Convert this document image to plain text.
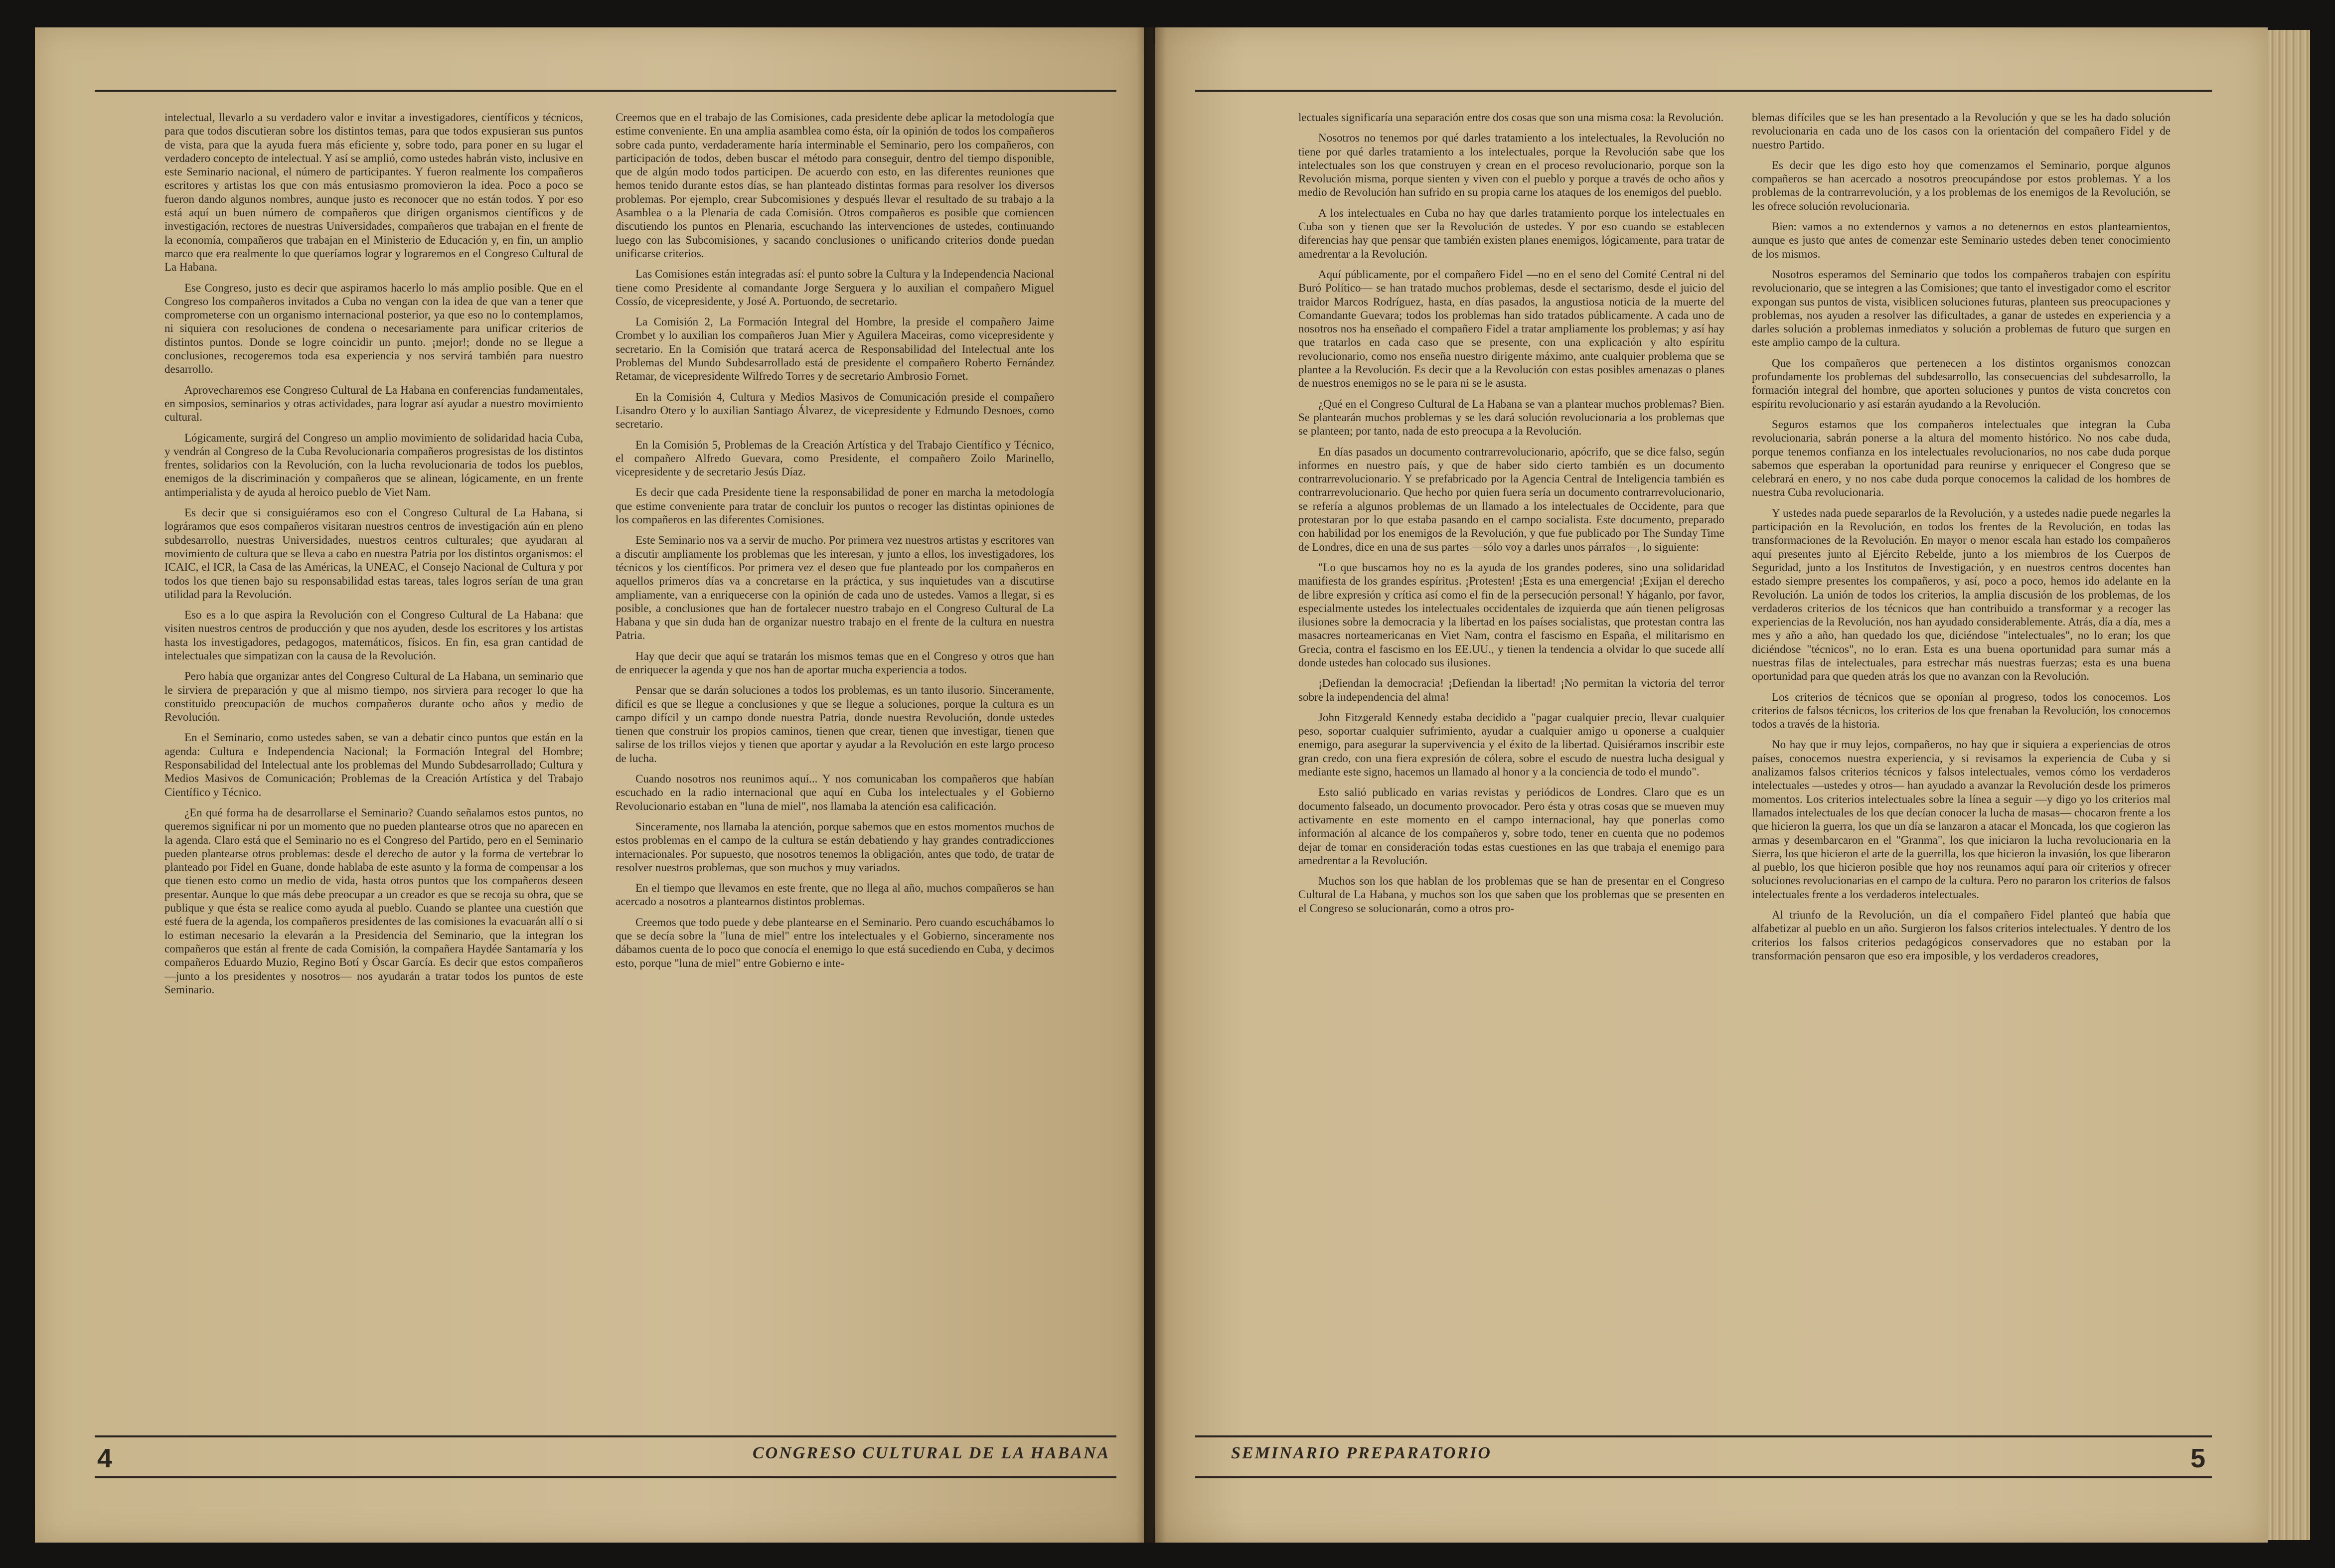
intelectual, llevarlo a su verdadero valor e invitar a investigadores, científicos y técnicos, para que todos discutieran sobre los distintos temas, para que todos expusieran sus puntos de vista, para que la ayuda fuera más eficiente y, sobre todo, para poner en su lugar el verdadero concepto de intelectual. Y así se amplió, como ustedes habrán visto, inclusive en este Seminario nacional, el número de participantes. Y fueron realmente los compañeros escritores y artistas los que con más entusiasmo promovieron la idea. Poco a poco se fueron dando algunos nombres, aunque justo es reconocer que no están todos. Y por eso está aquí un buen número de compañeros que dirigen organismos científicos y de investigación, rectores de nuestras Universidades, compañeros que trabajan en el frente de la economía, compañeros que trabajan en el Ministerio de Educación y, en fin, un amplio marco que era realmente lo que queríamos lograr y lograremos en el Congreso Cultural de La Habana.

Ese Congreso, justo es decir que aspiramos hacerlo lo más amplio posible. Que en el Congreso los compañeros invitados a Cuba no vengan con la idea de que van a tener que comprometerse con un organismo internacional posterior, ya que eso no lo contemplamos, ni siquiera con resoluciones de condena o necesariamente para unificar criterios de distintos puntos. Donde se logre coincidir un punto. ¡mejor!; donde no se llegue a conclusiones, recogeremos toda esa experiencia y nos servirá también para nuestro desarrollo.

Aprovecharemos ese Congreso Cultural de La Habana en conferencias fundamentales, en simposios, seminarios y otras actividades, para lograr así ayudar a nuestro movimiento cultural.

Lógicamente, surgirá del Congreso un amplio movimiento de solidaridad hacia Cuba, y vendrán al Congreso de la Cuba Revolucionaria compañeros progresistas de los distintos frentes, solidarios con la Revolución, con la lucha revolucionaria de todos los pueblos, enemigos de la discriminación y compañeros que se alinean, lógicamente, en un frente antimperialista y de ayuda al heroico pueblo de Viet Nam.

Es decir que si consiguiéramos eso con el Congreso Cultural de La Habana, si lográramos que esos compañeros visitaran nuestros centros de investigación aún en pleno subdesarrollo, nuestras Universidades, nuestros centros culturales; que ayudaran al movimiento de cultura que se lleva a cabo en nuestra Patria por los distintos organismos: el ICAIC, el ICR, la Casa de las Américas, la UNEAC, el Consejo Nacional de Cultura y por todos los que tienen bajo su responsabilidad estas tareas, tales logros serían de una gran utilidad para la Revolución.

Eso es a lo que aspira la Revolución con el Congreso Cultural de La Habana: que visiten nuestros centros de producción y que nos ayuden, desde los escritores y los artistas hasta los investigadores, pedagogos, matemáticos, físicos. En fin, esa gran cantidad de intelectuales que simpatizan con la causa de la Revolución.

Pero había que organizar antes del Congreso Cultural de La Habana, un seminario que le sirviera de preparación y que al mismo tiempo, nos sirviera para recoger lo que ha constituido preocupación de muchos compañeros durante ocho años y medio de Revolución.

En el Seminario, como ustedes saben, se van a debatir cinco puntos que están en la agenda: Cultura e Independencia Nacional; la Formación Integral del Hombre; Responsabilidad del Intelectual ante los problemas del Mundo Subdesarrollado; Cultura y Medios Masivos de Comunicación; Problemas de la Creación Artística y del Trabajo Científico y Técnico.

¿En qué forma ha de desarrollarse el Seminario? Cuando señalamos estos puntos, no queremos significar ni por un momento que no pueden plantearse otros que no aparecen en la agenda. Claro está que el Seminario no es el Congreso del Partido, pero en el Seminario pueden plantearse otros problemas: desde el derecho de autor y la forma de vertebrar lo planteado por Fidel en Guane, donde hablaba de este asunto y la forma de compensar a los que tienen esto como un medio de vida, hasta otros puntos que los compañeros deseen presentar. Aunque lo que más debe preocupar a un creador es que se recoja su obra, que se publique y que ésta se realice como ayuda al pueblo. Cuando se plantee una cuestión que esté fuera de la agenda, los compañeros presidentes de las comisiones la evacuarán allí o si lo estiman necesario la elevarán a la Presidencia del Seminario, que la integran los compañeros que están al frente de cada Comisión, la compañera Haydée Santamaría y los compañeros Eduardo Muzio, Regino Botí y Óscar García. Es decir que estos compañeros —junto a los presidentes y nosotros— nos ayudarán a tratar todos los puntos de este Seminario.

Creemos que en el trabajo de las Comisiones, cada presidente debe aplicar la metodología que estime conveniente. En una amplia asamblea como ésta, oír la opinión de todos los compañeros sobre cada punto, verdaderamente haría interminable el Seminario, pero los compañeros, con participación de todos, deben buscar el método para conseguir, dentro del tiempo disponible, que de algún modo todos participen. De acuerdo con esto, en las diferentes reuniones que hemos tenido durante estos días, se han planteado distintas formas para resolver los diversos problemas. Por ejemplo, crear Subcomisiones y después llevar el resultado de su trabajo a la Asamblea o a la Plenaria de cada Comisión. Otros compañeros es posible que comiencen discutiendo los puntos en Plenaria, escuchando las intervenciones de ustedes, continuando luego con las Subcomisiones, y sacando conclusiones o unificando criterios donde puedan unificarse criterios.

Las Comisiones están integradas así: el punto sobre la Cultura y la Independencia Nacional tiene como Presidente al comandante Jorge Serguera y lo auxilian el compañero Miguel Cossío, de vicepresidente, y José A. Portuondo, de secretario.

La Comisión 2, La Formación Integral del Hombre, la preside el compañero Jaime Crombet y lo auxilian los compañeros Juan Mier y Aguilera Maceiras, como vicepresidente y secretario. En la Comisión que tratará acerca de Responsabilidad del Intelectual ante los Problemas del Mundo Subdesarrollado está de presidente el compañero Roberto Fernández Retamar, de vicepresidente Wilfredo Torres y de secretario Ambrosio Fornet.

En la Comisión 4, Cultura y Medios Masivos de Comunicación preside el compañero Lisandro Otero y lo auxilian Santiago Álvarez, de vicepresidente y Edmundo Desnoes, como secretario.

En la Comisión 5, Problemas de la Creación Artística y del Trabajo Científico y Técnico, el compañero Alfredo Guevara, como Presidente, el compañero Zoilo Marinello, vicepresidente y de secretario Jesús Díaz.

Es decir que cada Presidente tiene la responsabilidad de poner en marcha la metodología que estime conveniente para tratar de concluir los puntos o recoger las distintas opiniones de los compañeros en las diferentes Comisiones.

Este Seminario nos va a servir de mucho. Por primera vez nuestros artistas y escritores van a discutir ampliamente los problemas que les interesan, y junto a ellos, los investigadores, los técnicos y los científicos. Por primera vez el deseo que fue planteado por los compañeros en aquellos primeros días va a concretarse en la práctica, y sus inquietudes van a discutirse ampliamente, van a enriquecerse con la opinión de cada uno de ustedes. Vamos a llegar, si es posible, a conclusiones que han de fortalecer nuestro trabajo en el Congreso Cultural de La Habana y que sin duda han de organizar nuestro trabajo en el frente de la cultura en nuestra Patria.

Hay que decir que aquí se tratarán los mismos temas que en el Congreso y otros que han de enriquecer la agenda y que nos han de aportar mucha experiencia a todos.

Pensar que se darán soluciones a todos los problemas, es un tanto ilusorio. Sinceramente, difícil es que se llegue a conclusiones y que se llegue a soluciones, porque la cultura es un campo difícil y un campo donde nuestra Patria, donde nuestra Revolución, donde ustedes tienen que construir los propios caminos, tienen que crear, tienen que investigar, tienen que salirse de los trillos viejos y tienen que aportar y ayudar a la Revolución en este largo proceso de lucha.

Cuando nosotros nos reunimos aquí... Y nos comunicaban los compañeros que habían escuchado en la radio internacional que aquí en Cuba los intelectuales y el Gobierno Revolucionario estaban en "luna de miel", nos llamaba la atención esa calificación.

Sinceramente, nos llamaba la atención, porque sabemos que en estos momentos muchos de estos problemas en el campo de la cultura se están debatiendo y hay grandes contradicciones internacionales. Por supuesto, que nosotros tenemos la obligación, antes que todo, de tratar de resolver nuestros problemas, que son muchos y muy variados.

En el tiempo que llevamos en este frente, que no llega al año, muchos compañeros se han acercado a nosotros a plantearnos distintos problemas.

Creemos que todo puede y debe plantearse en el Seminario. Pero cuando escuchábamos lo que se decía sobre la "luna de miel" entre los intelectuales y el Gobierno, sinceramente nos dábamos cuenta de lo poco que conocía el enemigo lo que está sucediendo en Cuba, y decimos esto, porque "luna de miel" entre Gobierno e inte-

lectuales significaría una separación entre dos cosas que son una misma cosa: la Revolución.

Nosotros no tenemos por qué darles tratamiento a los intelectuales, la Revolución no tiene por qué darles tratamiento a los intelectuales, porque la Revolución sabe que los intelectuales son los que construyen y crean en el proceso revolucionario, porque son la Revolución misma, porque sienten y viven con el pueblo y porque a través de ocho años y medio de Revolución han sufrido en su propia carne los ataques de los enemigos del pueblo.

A los intelectuales en Cuba no hay que darles tratamiento porque los intelectuales en Cuba son y tienen que ser la Revolución de ustedes. Y por eso cuando se establecen diferencias hay que pensar que también existen planes enemigos, lógicamente, para tratar de amedrentar a la Revolución.

Aquí públicamente, por el compañero Fidel —no en el seno del Comité Central ni del Buró Político— se han tratado muchos problemas, desde el sectarismo, desde el juicio del traidor Marcos Rodríguez, hasta, en días pasados, la angustiosa noticia de la muerte del Comandante Guevara; todos los problemas han sido tratados públicamente. A cada uno de nosotros nos ha enseñado el compañero Fidel a tratar ampliamente los problemas; y así hay que tratarlos en cada caso que se presente, con una explicación y alto espíritu revolucionario, como nos enseña nuestro dirigente máximo, ante cualquier problema que se plantee a la Revolución. Es decir que a la Revolución con estas posibles amenazas o planes de nuestros enemigos no se le para ni se le asusta.

¿Qué en el Congreso Cultural de La Habana se van a plantear muchos problemas? Bien. Se plantearán muchos problemas y se les dará solución revolucionaria a los problemas que se planteen; por tanto, nada de esto preocupa a la Revolución.

En días pasados un documento contrarrevolucionario, apócrifo, que se dice falso, según informes en nuestro país, y que de haber sido cierto también es un documento contrarrevolucionario. Y se prefabricado por la Agencia Central de Inteligencia también es contrarrevolucionario. Que hecho por quien fuera sería un documento contrarrevolucionario, se refería a algunos problemas de un llamado a los intelectuales de Occidente, para que protestaran por lo que estaba pasando en el campo socialista. Este documento, preparado con habilidad por los enemigos de la Revolución, y que fue publicado por The Sunday Time de Londres, dice en una de sus partes —sólo voy a darles unos párrafos—, lo siguiente:

"Lo que buscamos hoy no es la ayuda de los grandes poderes, sino una solidaridad manifiesta de los grandes espíritus. ¡Protesten! ¡Esta es una emergencia! ¡Exijan el derecho de libre expresión y crítica así como el fin de la persecución personal! Y háganlo, por favor, especialmente ustedes los intelectuales occidentales de izquierda que aún tienen peligrosas ilusiones sobre la democracia y la libertad en los países socialistas, que protestan contra las masacres norteamericanas en Viet Nam, contra el fascismo en España, el militarismo en Grecia, contra el fascismo en los EE.UU., y tienen la tendencia a olvidar lo que sucede allí donde ustedes han colocado sus ilusiones.

¡Defiendan la democracia! ¡Defiendan la libertad! ¡No permitan la victoria del terror sobre la independencia del alma!

John Fitzgerald Kennedy estaba decidido a "pagar cualquier precio, llevar cualquier peso, soportar cualquier sufrimiento, ayudar a cualquier amigo u oponerse a cualquier enemigo, para asegurar la supervivencia y el éxito de la libertad. Quisiéramos inscribir este gran credo, con una fiera expresión de cólera, sobre el escudo de nuestra lucha desigual y mediante este signo, hacemos un llamado al honor y a la conciencia de todo el mundo".

Esto salió publicado en varias revistas y periódicos de Londres. Claro que es un documento falseado, un documento provocador. Pero ésta y otras cosas que se mueven muy activamente en este momento en el campo internacional, hay que ponerlas como información al alcance de los compañeros y, sobre todo, tener en cuenta que no podemos dejar de tomar en consideración todas estas cuestiones en las que trabaja el enemigo para amedrentar a la Revolución.

Muchos son los que hablan de los problemas que se han de presentar en el Congreso Cultural de La Habana, y muchos son los que saben que los problemas que se presenten en el Congreso se solucionarán, como a otros pro-

blemas difíciles que se les han presentado a la Revolución y que se les ha dado solución revolucionaria en cada uno de los casos con la orientación del compañero Fidel y de nuestro Partido.

Es decir que les digo esto hoy que comenzamos el Seminario, porque algunos compañeros se han acercado a nosotros preocupándose por estos problemas. Y a los problemas de la contrarrevolución, y a los problemas de los enemigos de la Revolución, se les ofrece solución revolucionaria.

Bien: vamos a no extendernos y vamos a no detenernos en estos planteamientos, aunque es justo que antes de comenzar este Seminario ustedes deben tener conocimiento de los mismos.

Nosotros esperamos del Seminario que todos los compañeros trabajen con espíritu revolucionario, que se integren a las Comisiones; que tanto el investigador como el escritor expongan sus puntos de vista, visiblicen soluciones futuras, planteen sus preocupaciones y problemas, nos ayuden a resolver las dificultades, a ganar de ustedes en experiencia y a darles solución a problemas inmediatos y solución a problemas de futuro que surgen en este amplio campo de la cultura.

Que los compañeros que pertenecen a los distintos organismos conozcan profundamente los problemas del subdesarrollo, las consecuencias del subdesarrollo, la formación integral del hombre, que aporten soluciones y puntos de vista concretos con espíritu revolucionario y así estarán ayudando a la Revolución.

Seguros estamos que los compañeros intelectuales que integran la Cuba revolucionaria, sabrán ponerse a la altura del momento histórico. No nos cabe duda, porque tenemos confianza en los intelectuales revolucionarios, no nos cabe duda porque sabemos que esperaban la oportunidad para reunirse y enriquecer el Congreso que se celebrará en enero, y no nos cabe duda porque conocemos la calidad de los hombres de nuestra Cuba revolucionaria.

Y ustedes nada puede separarlos de la Revolución, y a ustedes nadie puede negarles la participación en la Revolución, en todos los frentes de la Revolución, en todas las transformaciones de la Revolución. En mayor o menor escala han estado los compañeros aquí presentes junto al Ejército Rebelde, junto a los miembros de los Cuerpos de Seguridad, junto a los Institutos de Investigación, y en nuestros centros docentes han estado siempre presentes los compañeros, y así, poco a poco, hemos ido adelante en la Revolución. La unión de todos los criterios, la amplia discusión de los problemas, de los verdaderos criterios de los técnicos que han contribuido a transformar y a recoger las experiencias de la Revolución, nos han ayudado considerablemente. Atrás, día a día, mes a mes y año a año, han quedado los que, diciéndose "intelectuales", no lo eran; los que diciéndose "técnicos", no lo eran. Esta es una buena oportunidad para sumar más a nuestras filas de intelectuales, para estrechar más nuestras fuerzas; esta es una buena oportunidad para que queden atrás los que no avanzan con la Revolución.

Los criterios de técnicos que se oponían al progreso, todos los conocemos. Los criterios de falsos técnicos, los criterios de los que frenaban la Revolución, los conocemos todos a través de la historia.

No hay que ir muy lejos, compañeros, no hay que ir siquiera a experiencias de otros países, conocemos nuestra experiencia, y si revisamos la experiencia de Cuba y si analizamos falsos criterios técnicos y falsos intelectuales, vemos cómo los verdaderos intelectuales —ustedes y otros— han ayudado a avanzar la Revolución desde los primeros momentos. Los criterios intelectuales sobre la línea a seguir —y digo yo los criterios mal llamados intelectuales de los que decían conocer la lucha de masas— chocaron frente a los que hicieron la guerra, los que un día se lanzaron a atacar el Moncada, los que cogieron las armas y desembarcaron en el "Granma", los que iniciaron la lucha revolucionaria en la Sierra, los que hicieron el arte de la guerrilla, los que hicieron la invasión, los que liberaron al pueblo, los que hicieron posible que hoy nos reunamos aquí para oír criterios y ofrecer soluciones revolucionarias en el campo de la cultura. Pero no pararon los criterios de falsos intelectuales frente a los verdaderos intelectuales.

Al triunfo de la Revolución, un día el compañero Fidel planteó que había que alfabetizar al pueblo en un año. Surgieron los falsos criterios intelectuales. Y dentro de los criterios los falsos criterios pedagógicos conservadores que no estaban por la transformación pensaron que eso era imposible, y los verdaderos creadores,

4	CONGRESO CULTURAL DE LA HABANA	SEMINARIO PREPARATORIO	5
